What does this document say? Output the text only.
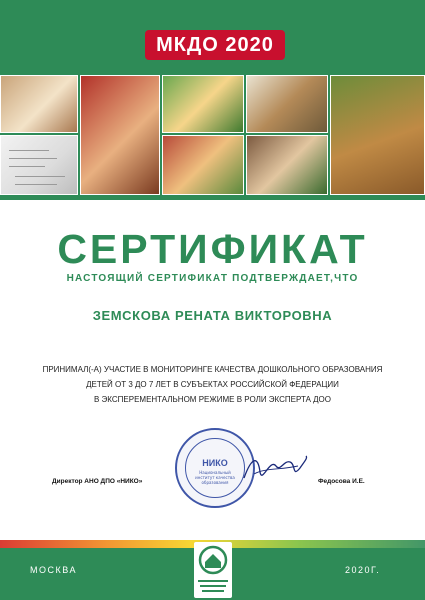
МКДО 2020
СЕРТИФИКАТ
НАСТОЯЩИЙ СЕРТИФИКАТ ПОДТВЕРЖДАЕТ,ЧТО
ЗЕМСКОВА РЕНАТА ВИКТОРОВНА
ПРИНИМАЛ(-А) УЧАСТИЕ В МОНИТОРИНГЕ КАЧЕСТВА ДОШКОЛЬНОГО ОБРАЗОВАНИЯ
ДЕТЕЙ ОТ 3 ДО 7 ЛЕТ В СУБЪЕКТАХ РОССИЙСКОЙ ФЕДЕРАЦИИ
В ЭКСПЕРЕМЕНТАЛЬНОМ РЕЖИМЕ В РОЛИ ЭКСПЕРТА ДОО
НИКО
Национальный институт качества образования
Директор АНО ДПО «НИКО»	Федосова И.Е.
МОСКВА	2020Г.
